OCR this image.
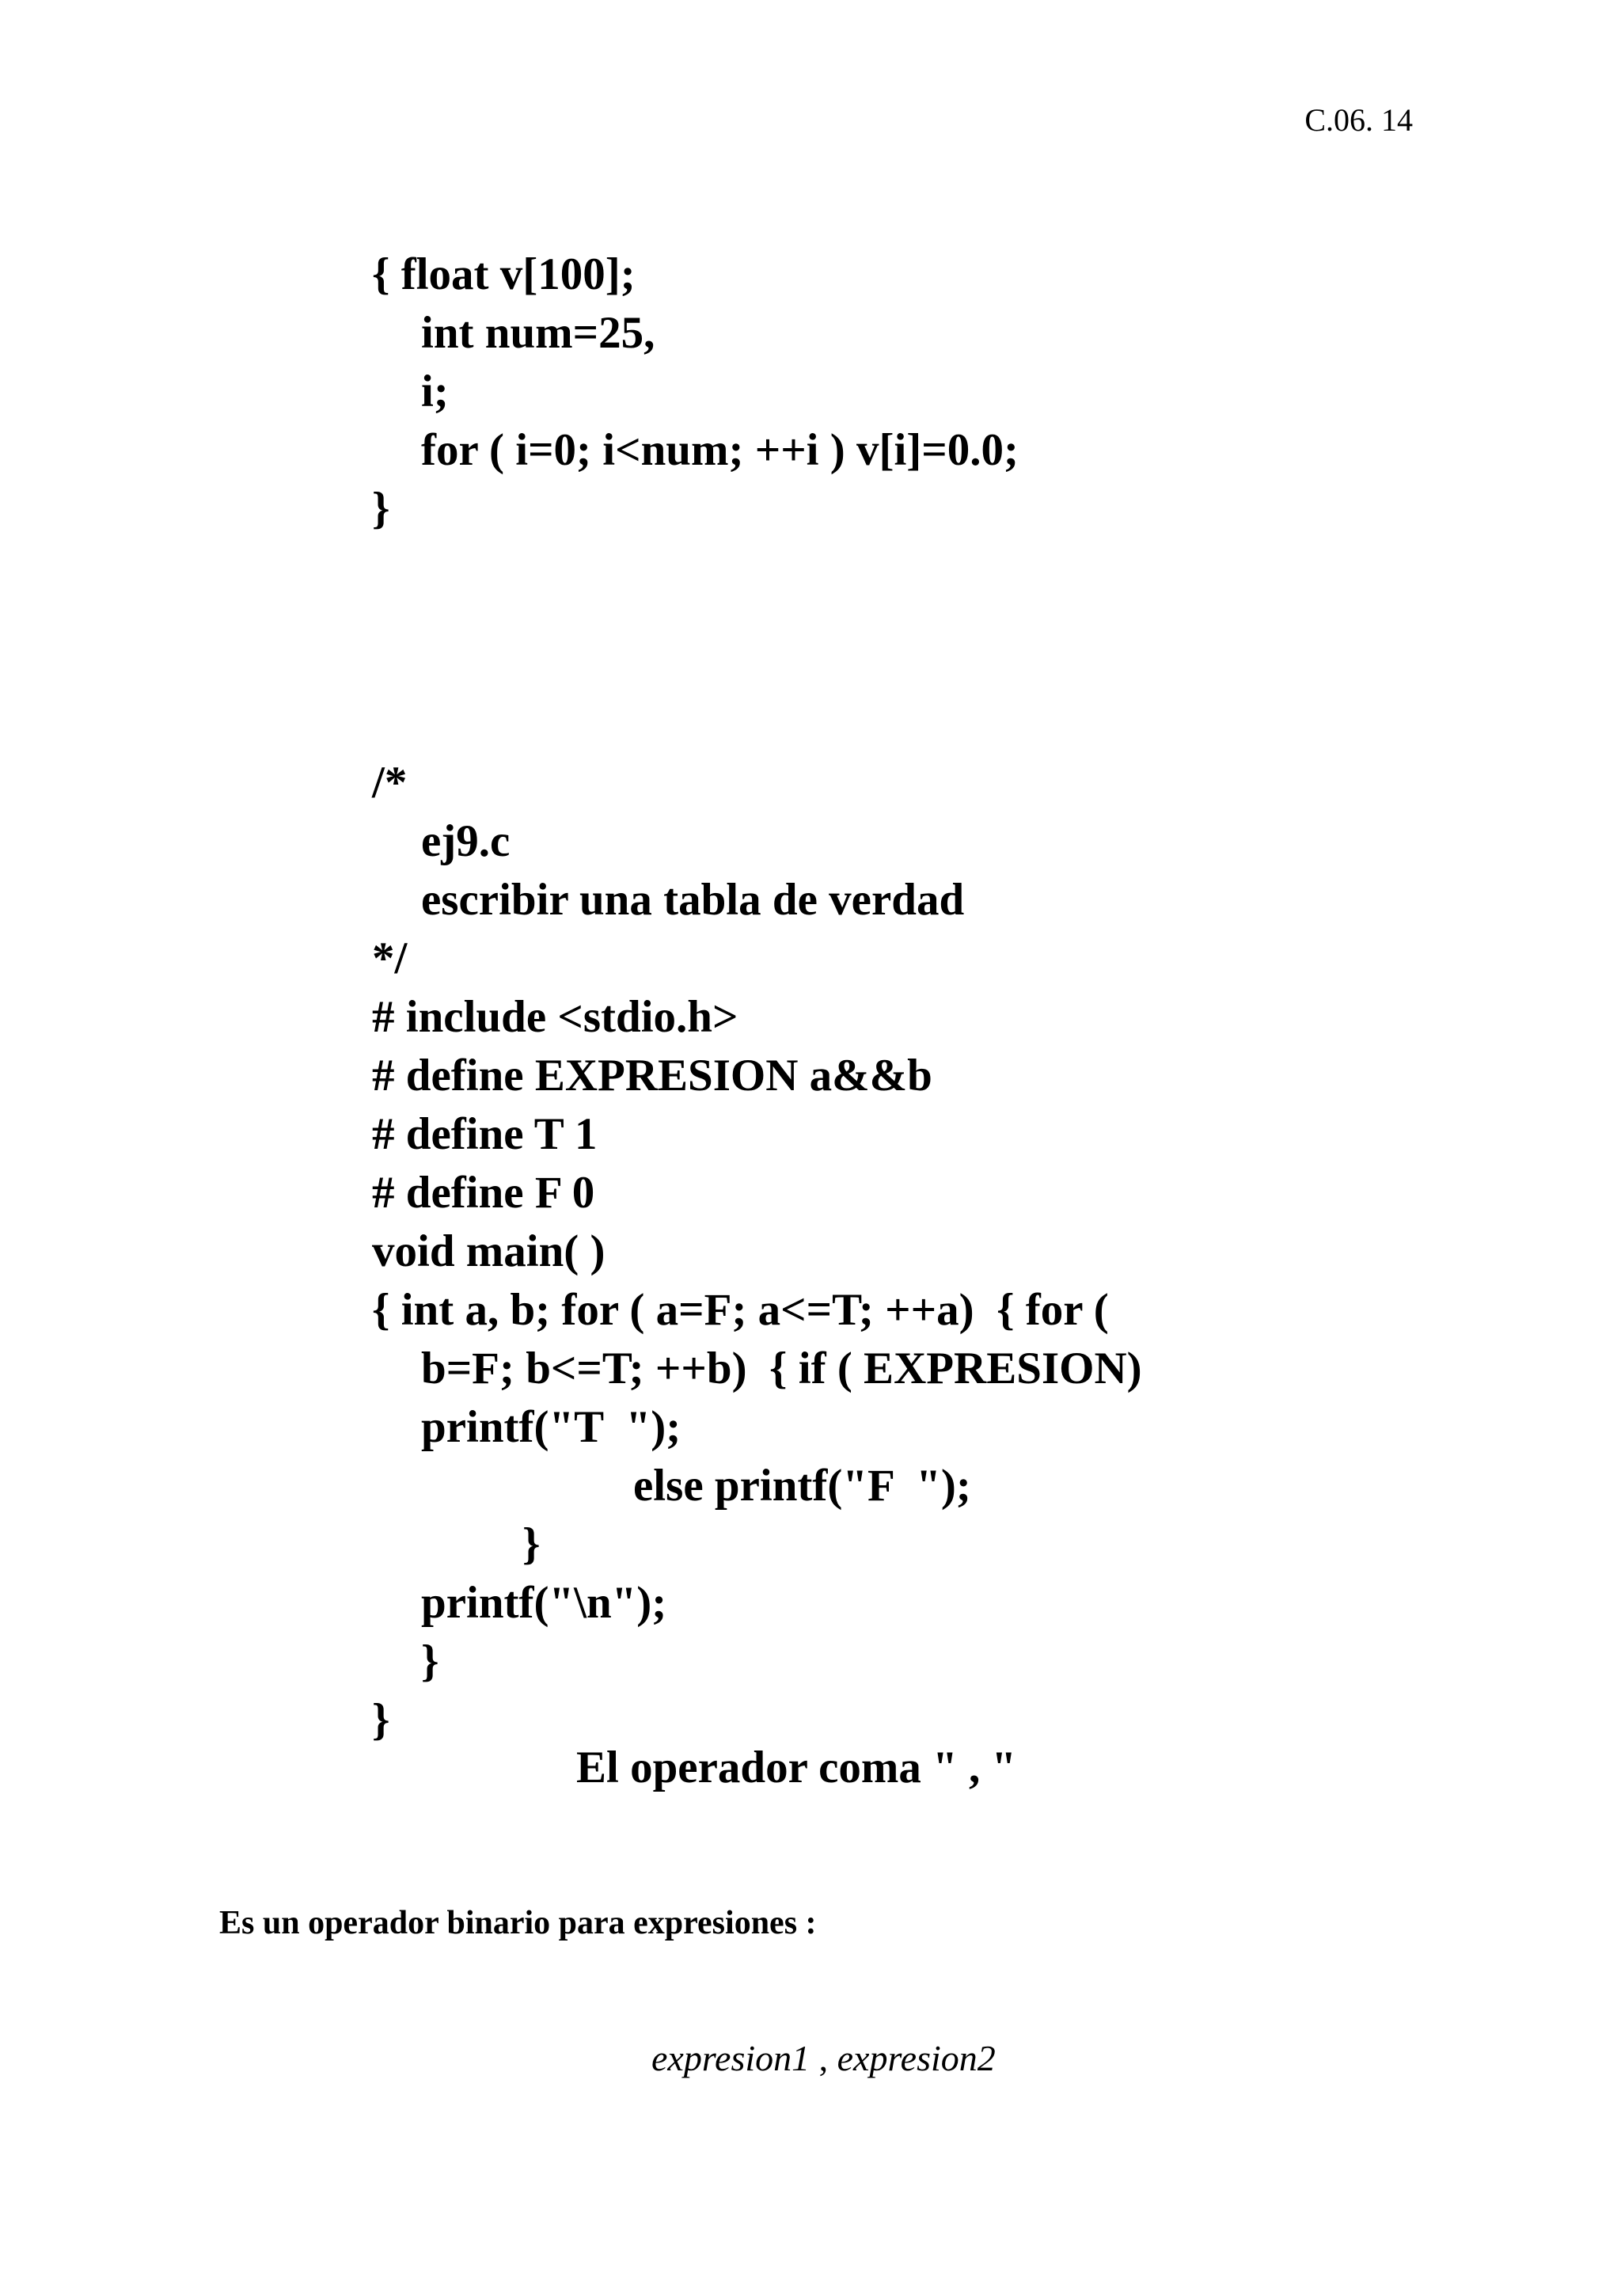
C.06. 14
{ float v[100];
int num=25,
i;
for ( i=0; i<num; ++i ) v[i]=0.0;
}
/*
ej9.c
escribir una tabla de verdad
*/
# include <stdio.h>
# define EXPRESION a&&b
# define T 1
# define F 0
void main( )
{ int a, b; for ( a=F; a<=T; ++a)  { for (
b=F; b<=T; ++b)  { if ( EXPRESION)
printf("T  ");
else printf("F  ");
}
printf("\n");
}
}
El operador coma " , "
Es un operador binario para expresiones :

expresion1 , expresion2
